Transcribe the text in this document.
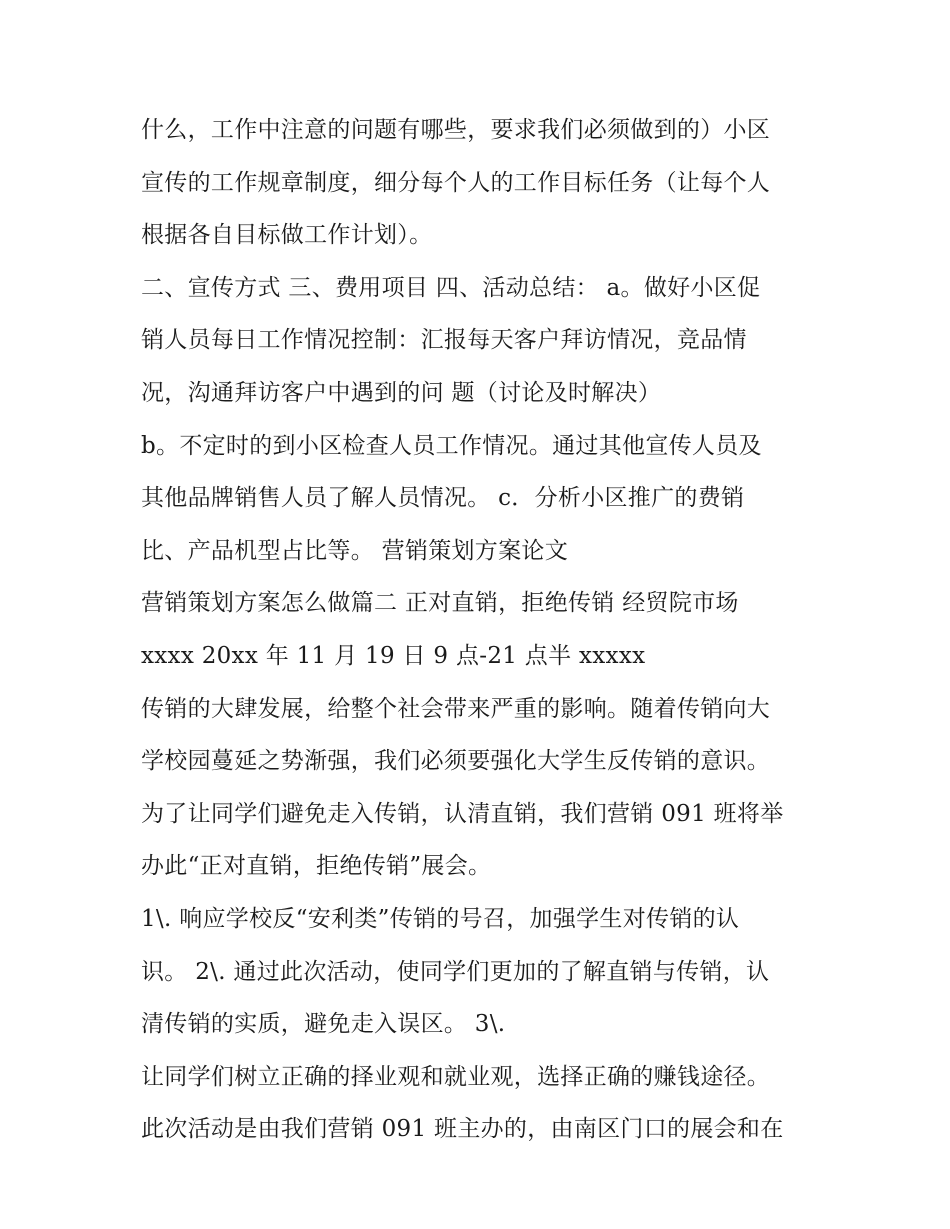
什么，工作中注意的问题有哪些，要求我们必须做到的）小区
宣传的工作规章制度，细分每个人的工作目标任务（让每个人
根据各自目标做工作计划）。
二、宣传方式 三、费用项目 四、活动总结： a。做好小区促
销人员每日工作情况控制：汇报每天客户拜访情况，竞品情
况，沟通拜访客户中遇到的问 题（讨论及时解决）
b。不定时的到小区检查人员工作情况。通过其他宣传人员及
其他品牌销售人员了解人员情况。 c．分析小区推广的费销
比、产品机型占比等。 营销策划方案论文
营销策划方案怎么做篇二 正对直销，拒绝传销 经贸院市场
xxxx 20xx 年 11 月 19 日 9 点-21 点半 xxxxx
传销的大肆发展，给整个社会带来严重的影响。随着传销向大
学校园蔓延之势渐强，我们必须要强化大学生反传销的意识。
为了让同学们避免走入传销，认清直销，我们营销 091 班将举
办此“正对直销，拒绝传销”展会。
1\. 响应学校反“安利类”传销的号召，加强学生对传销的认
识。 2\. 通过此次活动，使同学们更加的了解直销与传销，认
清传销的实质，避免走入误区。 3\.
让同学们树立正确的择业观和就业观，选择正确的赚钱途径。
此次活动是由我们营销 091 班主办的，由南区门口的展会和在
